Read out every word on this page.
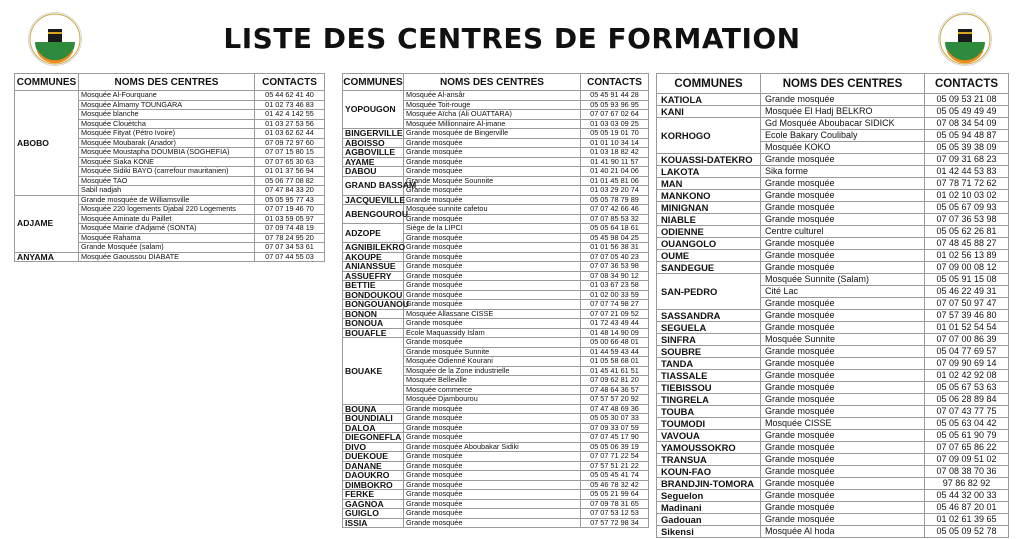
LISTE DES CENTRES DE FORMATION
COMMUNES	NOMS DES CENTRES	CONTACTS
ABOBO	Mosquée Al-Fourquane	05 44 62 41 40
	Mosquée Almamy TOUNGARA	01 02 73 46 83
	Mosquée blanche	01 42 4 142 55
	Mosquée Clouètcha	01 03 27 53 56
	Mosquée Fityat (Pétro Ivoire)	01 03 62 62 44
	Mosquée Moubarak (Anador)	07 09 72 97 60
	Mosquée Moustapha DOUMBIA (SOGHEFIA)	07 07 15 80 15
	Mosquée Siaka KONE	07 07 65 30 63
	Mosquée Sidiki BAYO (carrefour mauritanien)	01 01 37 56 94
	Mosquée TAO	05 06 77 08 82
	Sabil nadjah	07 47 84 33 20
ADJAME	Grande mosquée de Williamsville	05 05 95 77 43
	Mosquée 220 logements Djabal 220 Logements	07 07 19 46 70
	Mosquée Aminate du Paillet	01 03 59 05 97
	Mosquée Mairie d'Adjamé (SONTA)	07 09 74 48 19
	Mosquée Rahama	07 78 24 95 20
	Grande Mosquée (salam)	07 07 34 53 61
ANYAMA	Mosquée Gaoussou DIABATE	07 07 44 55 03
COMMUNES	NOMS DES CENTRES	CONTACTS
YOPOUGON	Mosquée Al-ansâr	05 45 91 44 28
	Mosquée Toit-rouge	05 05 93 96 95
	Mosquée Aïcha (Ali OUATTARA)	07 07 67 02 64
	Mosquée Millionnaire Al-imane	01 03 03 09 25
BINGERVILLE	Grande mosquée de Bingerville	05 05 19 01 70
ABOISSO	Grande mosquée	01 01 10 34 14
AGBOVILLE	Grande mosquée	01 03 18 82 42
AYAME	Grande mosquée	01 41 90 11 57
DABOU	Grande mosquée	01 40 21 04 06
GRAND BASSAM	Grande Mosquée Sounnite	01 01 45 81 06
	Grande mosquée	01 03 29 20 74
JACQUEVILLE	Grande mosquée	05 05 78 79 89
ABENGOUROU	Mosquée sunnite cafetou	07 07 42 66 46
	Grande mosquée	07 07 85 53 32
ADZOPE	Siège de la LIPCI	05 05 64 18 61
	Grande mosquée	05 45 98 04 25
AGNIBILEKRO	Grande mosquée	01 01 56 38 31
AKOUPE	Grande mosquée	07 07 05 40 23
ANIANSSUE	Grande mosquée	07 07 36 53 98
ASSUEFRY	Grande mosquée	07 08 34 90 12
BETTIE	Grande mosquée	01 03 67 23 58
BONDOUKOU	Grande mosquée	01 02 00 33 59
BONGOUANOU	Grande mosquée	07 07 74 98 27
BONON	Mosquée Allassane CISSE	07 07 21 09 52
BONOUA	Grande mosquée	01 72 43 49 44
BOUAFLE	Ecole Maquassidy Islam	01 48 14 90 09
BOUAKE	Grande mosquée	05 00 66 48 01
	Grande mosquée Sunnite	01 44 59 43 44
	Mosquée Odienné Kourani	01 05 58 68 01
	Mosquée de la Zone industrielle	01 45 41 61 51
	Mosquée Belleville	07 09 62 81 20
	Mosquée commerce	07 48 64 36 57
	Mosquée Djambourou	07 57 57 20 92
BOUNA	Grande mosquée	07 47 48 69 36
BOUNDIALI	Grande mosquée	05 05 30 07 33
DALOA	Grande mosquée	07 09 33 07 59
DIEGONEFLA	Grande mosquée	07 07 45 17 90
DIVO	Grande mosquée Aboubakar Sidiki	05 05 06 39 19
DUEKOUE	Grande mosquée	07 07 71 22 54
DANANE	Grande mosquée	07 57 51 21 22
DAOUKRO	Grande mosquée	05 05 45 41 74
DIMBOKRO	Grande mosquée	05 46 78 32 42
FERKE	Grande mosquée	05 05 21 99 64
GAGNOA	Grande mosquée	07 09 78 31 65
GUIGLO	Grande mosquée	07 07 53 12 53
ISSIA	Grande mosquée	07 57 72 98 34
COMMUNES	NOMS DES CENTRES	CONTACTS
KATIOLA	Grande mosquée	05 09 53 21 08
KANI	Mosquée El Hadj BELKRO	05 05 49 49 49
KORHOGO	Gd Mosquée Aboubacar SIDICK	07 08 34 54 09
	Ecole Bakary Coulibaly	05 05 94 48 87
	Mosquée KOKO	05 05 39 38 09
KOUASSI-DATEKRO	Grande mosquée	07 09 31 68 23
LAKOTA	Sika forme	01 42 44 53 83
MAN	Grande mosquée	07 78 71 72 62
MANKONO	Grande mosquée	01 02 10 03 02
MINIGNAN	Grande mosquée	05 05 67 09 93
NIABLE	Grande mosquée	07 07 36 53 98
ODIENNE	Centre culturel	05 05 62 26 81
OUANGOLO	Grande mosquée	07 48 45 88 27
OUME	Grande mosquée	01 02 56 13 89
SANDEGUE	Grande mosquée	07 09 00 08 12
SAN-PEDRO	Mosquée Sunnite (Salam)	05 05 91 15 08
	Cité Lac	05 46 22 49 31
	Grande mosquée	07 07 50 97 47
SASSANDRA	Grande mosquée	07 57 39 46 80
SEGUELA	Grande mosquée	01 01 52 54 54
SINFRA	Mosquée Sunnite	07 07 00 86 39
SOUBRE	Grande mosquée	05 04 77 69 57
TANDA	Grande mosquée	07 09 90 69 14
TIASSALE	Grande mosquée	01 02 42 92 08
TIEBISSOU	Grande mosquée	05 05 67 53 63
TINGRELA	Grande mosquée	05 06 28 89 84
TOUBA	Grande mosquée	07 07 43 77 75
TOUMODI	Mosquée CISSE	05 05 63 04 42
VAVOUA	Grande mosquée	05 05 61 90 79
YAMOUSSOKRO	Grande mosquée	07 07 65 86 22
TRANSUA	Grande mosquée	07 09 09 51 02
KOUN-FAO	Grande mosquée	07 08 38 70 36
BRANDJIN-TOMORA	Grande mosquée	97 86 82 92
Seguelon	Grande mosquée	05 44 32 00 33
Madinani	Grande mosquée	05 46 87 20 01
Gadouan	Grande mosquée	01 02 61 39 65
Sikensi	Mosquée Al hoda	05 05 09 52 78
